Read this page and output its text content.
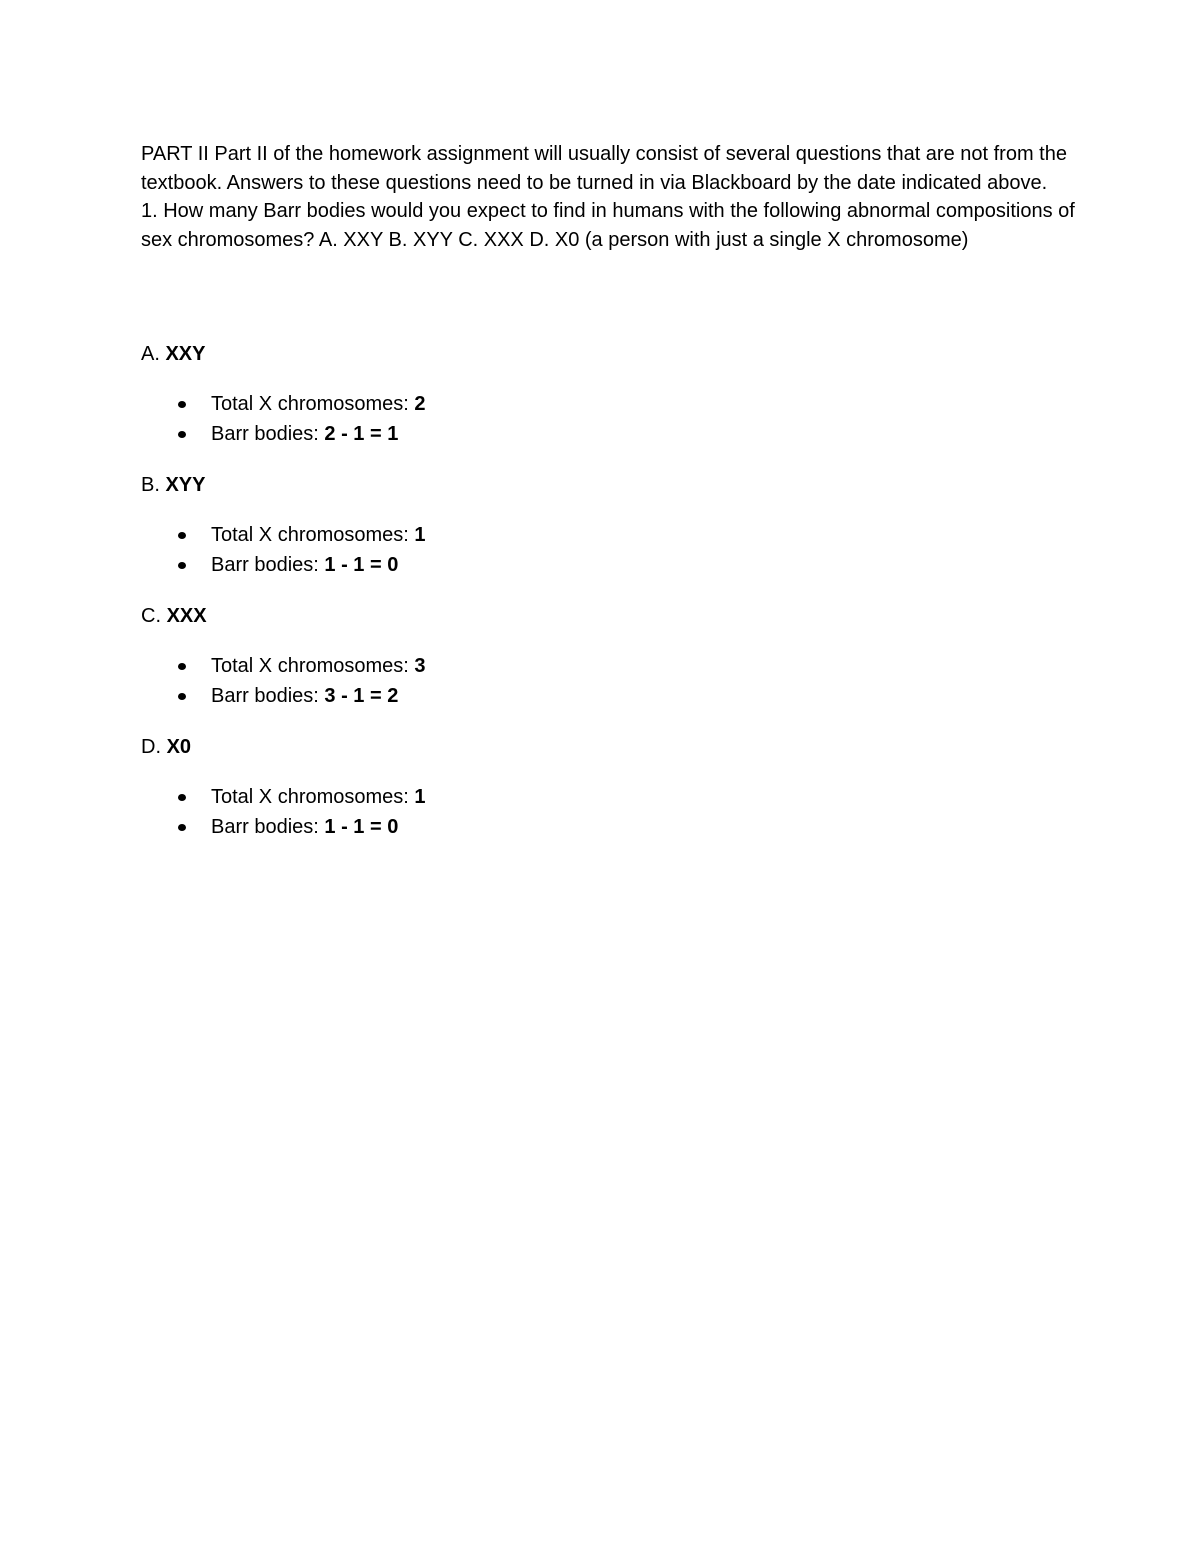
PART II Part II of the homework assignment will usually consist of several questions that are not from the textbook. Answers to these questions need to be turned in via Blackboard by the date indicated above.

1. How many Barr bodies would you expect to find in humans with the following abnormal compositions of sex chromosomes? A. XXY B. XYY C. XXX D. X0 (a person with just a single X chromosome)

A. XXY

Total X chromosomes: 2
Barr bodies: 2 - 1 = 1

B. XYY

Total X chromosomes: 1
Barr bodies: 1 - 1 = 0

C. XXX

Total X chromosomes: 3
Barr bodies: 3 - 1 = 2

D. X0

Total X chromosomes: 1
Barr bodies: 1 - 1 = 0
